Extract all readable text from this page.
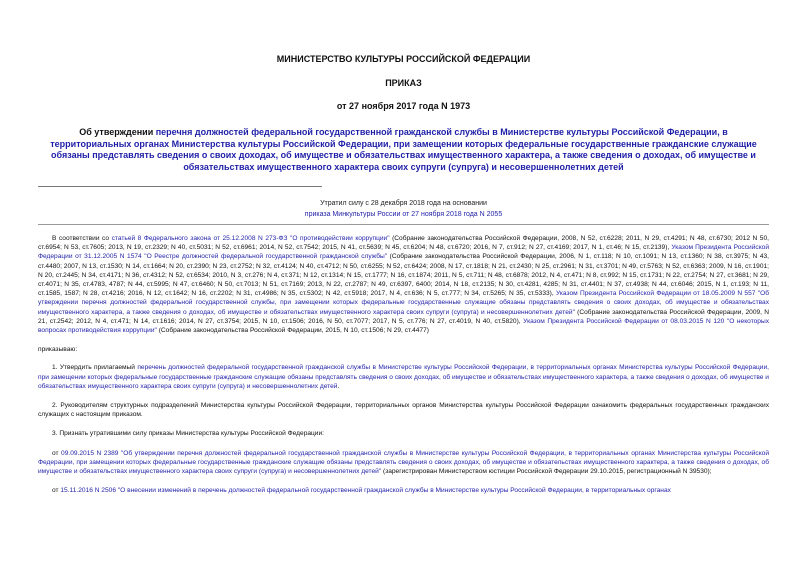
МИНИСТЕРСТВО КУЛЬТУРЫ РОССИЙСКОЙ ФЕДЕРАЦИИ
ПРИКАЗ
от 27 ноября 2017 года N 1973
Об утверждении перечня должностей федеральной государственной гражданской службы в Министерстве культуры Российской Федерации, в территориальных органах Министерства культуры Российской Федерации, при замещении которых федеральные государственные гражданские служащие обязаны представлять сведения о своих доходах, об имуществе и обязательствах имущественного характера, а также сведения о доходах, об имуществе и обязательствах имущественного характера своих супруги (супруга) и несовершеннолетних детей
Утратил силу с 28 декабря 2018 года на основании
приказа Минкультуры России от 27 ноября 2018 года N 2055

В соответствии со статьей 8 Федерального закона от 25.12.2008 N 273-ФЗ "О противодействии коррупции" (Собрание законодательства Российской Федерации, 2008, N 52, ст.6228; 2011, N 29, ст.4291; N 48, ст.6730; 2012 N 50, ст.6954; N 53, ст.7605; 2013, N 19, ст.2329; N 40, ст.5031; N 52, ст.6961; 2014, N 52, ст.7542; 2015, N 41, ст.5639; N 45, ст.6204; N 48, ст.6720; 2016, N 7, ст.912; N 27, ст.4169; 2017, N 1, ст.46; N 15, ст.2139), Указом Президента Российской Федерации от 31.12.2005 N 1574 "О Реестре должностей федеральной государственной гражданской службы" (Собрание законодательства Российской Федерации, 2006, N 1, ст.118; N 10, ст.1091; N 13, ст.1360; N 38, ст.3975; N 43, ст.4480; 2007, N 13, ст.1530; N 14, ст.1664; N 20, ст.2390; N 23, ст.2752; N 32, ст.4124; N 40, ст.4712; N 50, ст.6255; N 52, ст.6424; 2008, N 17, ст.1818; N 21, ст.2430; N 25, ст.2961; N 31, ст.3701; N 49, ст.5763; N 52, ст.6363; 2009, N 16, ст.1901; N 20, ст.2445; N 34, ст.4171; N 36, ст.4312; N 52, ст.6534; 2010, N 3, ст.276; N 4, ст.371; N 12, ст.1314; N 15, ст.1777; N 16, ст.1874; 2011, N 5, ст.711; N 48, ст.6878; 2012, N 4, ст.471; N 8, ст.992; N 15, ст.1731; N 22, ст.2754; N 27, ст.3681; N 29, ст.4071; N 35, ст.4783, 4787; N 44, ст.5995; N 47, ст.6460; N 50, ст.7013; N 51, ст.7169; 2013, N 22, ст.2787; N 49, ст.6397, 6400; 2014, N 18, ст.2135; N 30, ст.4281, 4285; N 31, ст.4401; N 37, ст.4938; N 44, ст.6046; 2015, N 1, ст.193; N 11, ст.1585, 1587; N 28, ст.4216; 2016, N 12, ст.1642; N 16, ст.2202; N 31, ст.4986; N 35, ст.5302; N 42, ст.5918; 2017, N 4, ст.636; N 5, ст.777; N 34, ст.5265; N 35, ст.5333), Указом Президента Российской Федерации от 18.05.2009 N 557 "Об утверждении перечня должностей федеральной государственной службы, при замещении которых федеральные государственные служащие обязаны представлять сведения о своих доходах, об имуществе и обязательствах имущественного характера, а также сведения о доходах, об имуществе и обязательствах имущественного характера своих супруги (супруга) и несовершеннолетних детей" (Собрание законодательства Российской Федерации, 2009, N 21, ст.2542; 2012, N 4, ст.471; N 14, ст.1616; 2014, N 27, ст.3754; 2015, N 10, ст.1506; 2016, N 50, ст.7077; 2017, N 5, ст.776; N 27, ст.4019, N 40, ст.5820), Указом Президента Российской Федерации от 08.03.2015 N 120 "О некоторых вопросах противодействия коррупции" (Собрание законодательства Российской Федерации, 2015, N 10, ст.1506; N 29, ст.4477)

приказываю:

1. Утвердить прилагаемый перечень должностей федеральной государственной гражданской службы в Министерстве культуры Российской Федерации, в территориальных органах Министерства культуры Российской Федерации, при замещении которых федеральные государственные гражданские служащие обязаны представлять сведения о своих доходах, об имуществе и обязательствах имущественного характера, а также сведения о доходах, об имуществе и обязательствах имущественного характера своих супруги (супруга) и несовершеннолетних детей.

2. Руководителям структурных подразделений Министерства культуры Российской Федерации, территориальных органов Министерства культуры Российской Федерации ознакомить федеральных государственных гражданских служащих с настоящим приказом.

3. Признать утратившими силу приказы Министерства культуры Российской Федерации:

от 09.09.2015 N 2389 "Об утверждении перечня должностей федеральной государственной гражданской службы в Министерстве культуры Российской Федерации, в территориальных органах Министерства культуры Российской Федерации, при замещении которых федеральные государственные гражданские служащие обязаны представлять сведения о своих доходах, об имуществе и обязательствах имущественного характера, а также сведения о доходах, об имуществе и обязательствах имущественного характера своих супруги (супруга) и несовершеннолетних детей" (зарегистрирован Министерством юстиции Российской Федерации 29.10.2015, регистрационный N 39530);

от 15.11.2016 N 2506 "О внесении изменений в перечень должностей федеральной государственной гражданской службы в Министерстве культуры Российской Федерации, в территориальных органах
